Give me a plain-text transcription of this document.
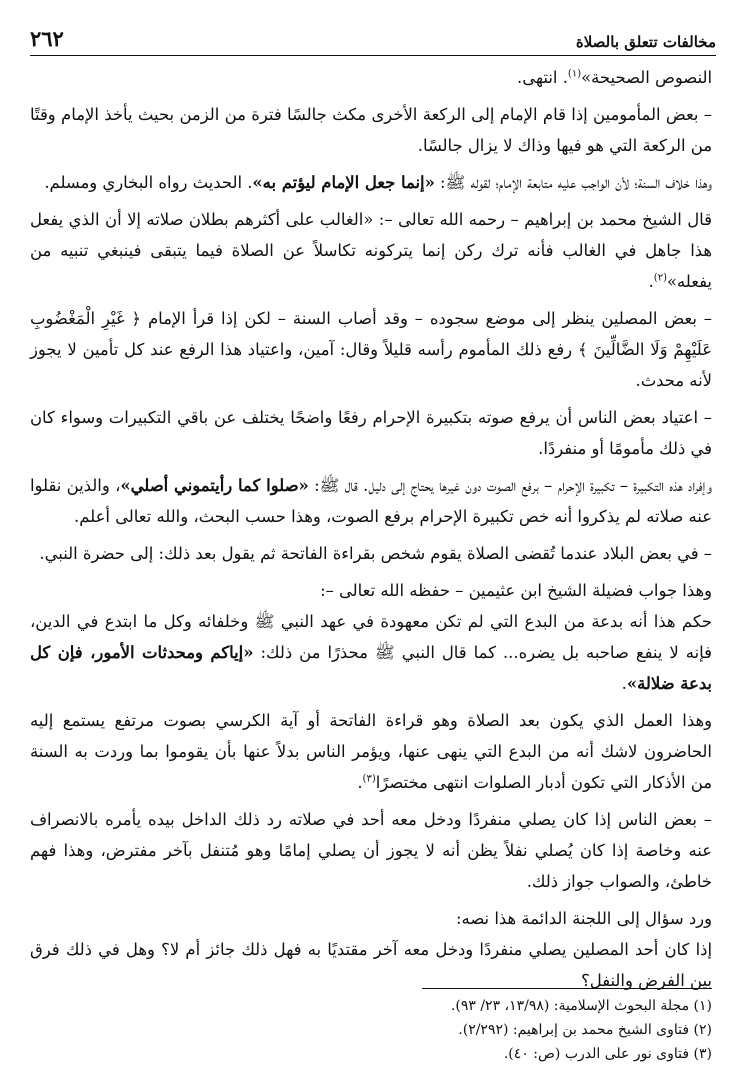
مخالفات تتعلق بالصلاة
٢٦٢

النصوص الصحيحة»$^{(١)}$. انتهى.

– بعض المأمومين إذا قام الإمام إلى الركعة الأخرى مكث جالسًا فترة من الزمن بحيث يأخذ الإمام وقتًا من الركعة التي هو فيها وذاك لا يزال جالسًا.

وهذا خلاف السنة؛ لأن الواجب عليه متابعة الإمام؛ لقوله ﷺ: «إنما جعل الإمام ليؤتم به». الحديث رواه البخاري ومسلم.

قال الشيخ محمد بن إبراهيم – رحمه الله تعالى –: «الغالب على أكثرهم بطلان صلاته إلا أن الذي يفعل هذا جاهل في الغالب فأنه ترك ركن إنما يتركونه تكاسلاً عن الصلاة فيما يتبقى فينبغي تنبيه من يفعله»$^{(٢)}$.

– بعض المصلين ينظر إلى موضع سجوده – وقد أصاب السنة – لكن إذا قرأ الإمام ﴿ غَيْرِ الْمَغْضُوبِ عَلَيْهِمْ وَلَا الضَّالِّينَ ﴾ رفع ذلك المأموم رأسه قليلاً وقال: آمين، واعتياد هذا الرفع عند كل تأمين لا يجوز لأنه محدث.

– اعتياد بعض الناس أن يرفع صوته بتكبيرة الإحرام رفعًا واضحًا يختلف عن باقي التكبيرات وسواء كان في ذلك مأمومًا أو منفردًا.

وإفراد هذه التكبيرة – تكبيرة الإحرام – برفع الصوت دون غيرها يحتاج إلى دليل. قال ﷺ: «صلوا كما رأيتموني أصلي»، والذين نقلوا عنه صلاته لم يذكروا أنه خص تكبيرة الإحرام برفع الصوت، وهذا حسب البحث، والله تعالى أعلم.

– في بعض البلاد عندما تُقضى الصلاة يقوم شخص بقراءة الفاتحة ثم يقول بعد ذلك: إلى حضرة النبي.

وهذا جواب فضيلة الشيخ ابن عثيمين – حفظه الله تعالى –:

حكم هذا أنه بدعة من البدع التي لم تكن معهودة في عهد النبي ﷺ وخلفائه وكل ما ابتدع في الدين، فإنه لا ينفع صاحبه بل يضره... كما قال النبي ﷺ محذرًا من ذلك: «إياكم ومحدثات الأمور، فإن كل بدعة ضلالة».

وهذا العمل الذي يكون بعد الصلاة وهو قراءة الفاتحة أو آية الكرسي بصوت مرتفع يستمع إليه الحاضرون لاشك أنه من البدع التي ينهى عنها، ويؤمر الناس بدلاً عنها بأن يقوموا بما وردت به السنة من الأذكار التي تكون أدبار الصلوات انتهى مختصرًا$^{(٣)}$.

– بعض الناس إذا كان يصلي منفردًا ودخل معه أحد في صلاته رد ذلك الداخل بيده يأمره بالانصراف عنه وخاصة إذا كان يُصلي نفلاً يظن أنه لا يجوز أن يصلي إمامًا وهو مُتنفل بآخر مفترض، وهذا فهم خاطئ، والصواب جواز ذلك.

ورد سؤال إلى اللجنة الدائمة هذا نصه:

إذا كان أحد المصلين يصلي منفردًا ودخل معه آخر مقتديًا به فهل ذلك جائز أم لا؟ وهل في ذلك فرق بين الفرض والنفل؟

(١) مجلة البحوث الإسلامية: (١٣/٩٨، ٢٣/ ٩٣).
(٢) فتاوى الشيخ محمد بن إبراهيم: (٢/٢٩٢).
(٣) فتاوى نور على الدرب (ص: ٤٠).
